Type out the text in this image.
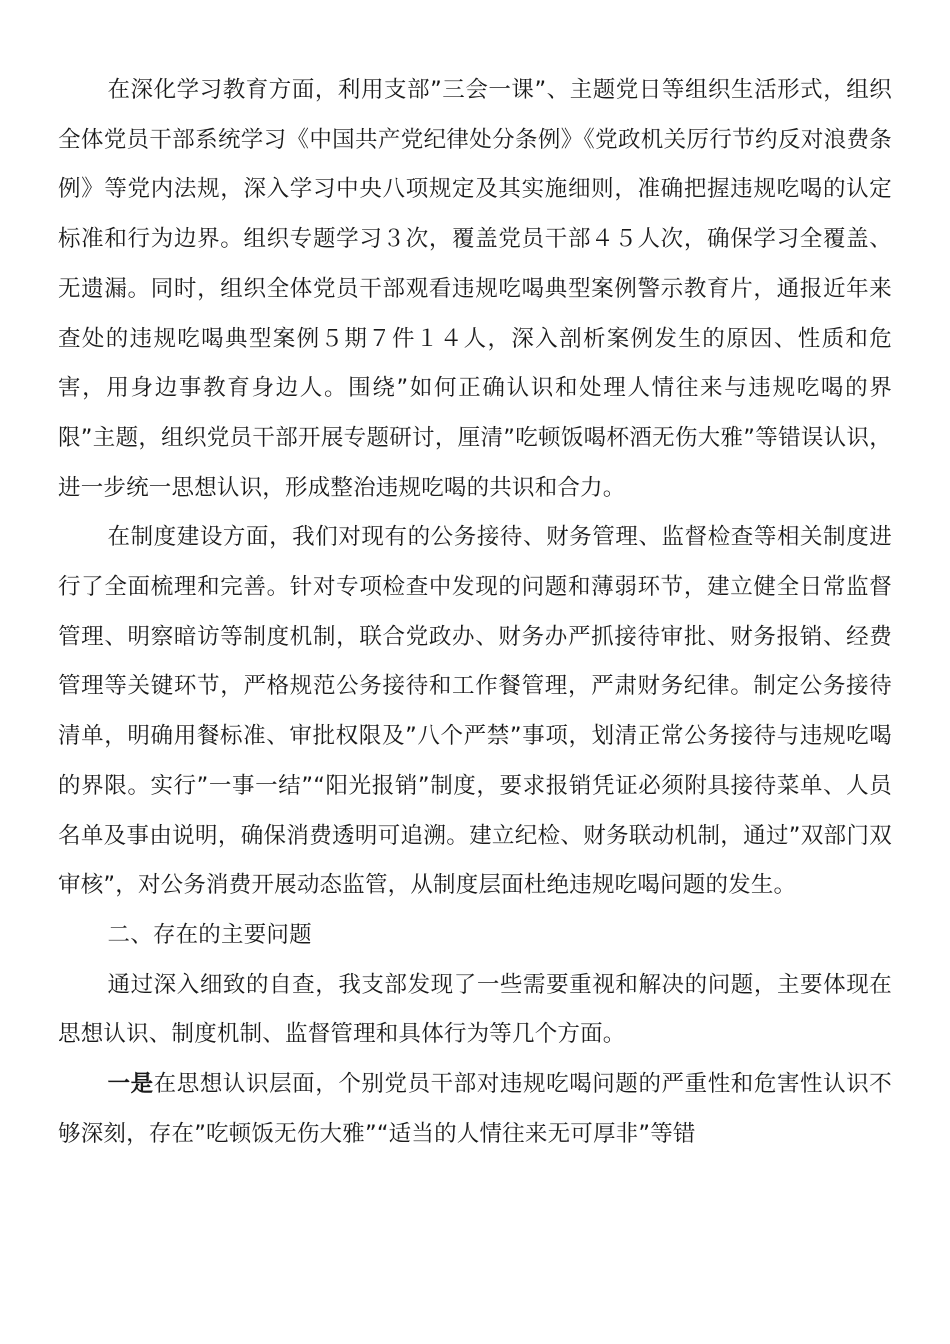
在深化学习教育方面，利用支部”三会一课”、主题党日等组织生活形式，组织全体党员干部系统学习《中国共产党纪律处分条例》《党政机关厉行节约反对浪费条例》等党内法规，深入学习中央八项规定及其实施细则，准确把握违规吃喝的认定标准和行为边界。组织专题学习３次，覆盖党员干部４５人次，确保学习全覆盖、无遗漏。同时，组织全体党员干部观看违规吃喝典型案例警示教育片，通报近年来查处的违规吃喝典型案例５期７件１４人，深入剖析案例发生的原因、性质和危害，用身边事教育身边人。围绕”如何正确认识和处理人情往来与违规吃喝的界限”主题，组织党员干部开展专题研讨，厘清”吃顿饭喝杯酒无伤大雅”等错误认识，进一步统一思想认识，形成整治违规吃喝的共识和合力。

在制度建设方面，我们对现有的公务接待、财务管理、监督检查等相关制度进行了全面梳理和完善。针对专项检查中发现的问题和薄弱环节，建立健全日常监督管理、明察暗访等制度机制，联合党政办、财务办严抓接待审批、财务报销、经费管理等关键环节，严格规范公务接待和工作餐管理，严肃财务纪律。制定公务接待清单，明确用餐标准、审批权限及”八个严禁”事项，划清正常公务接待与违规吃喝的界限。实行”一事一结”“阳光报销”制度，要求报销凭证必须附具接待菜单、人员名单及事由说明，确保消费透明可追溯。建立纪检、财务联动机制，通过”双部门双审核”，对公务消费开展动态监管，从制度层面杜绝违规吃喝问题的发生。

二、存在的主要问题

通过深入细致的自查，我支部发现了一些需要重视和解决的问题，主要体现在思想认识、制度机制、监督管理和具体行为等几个方面。

一是在思想认识层面，个别党员干部对违规吃喝问题的严重性和危害性认识不够深刻，存在”吃顿饭无伤大雅”“适当的人情往来无可厚非”等错
